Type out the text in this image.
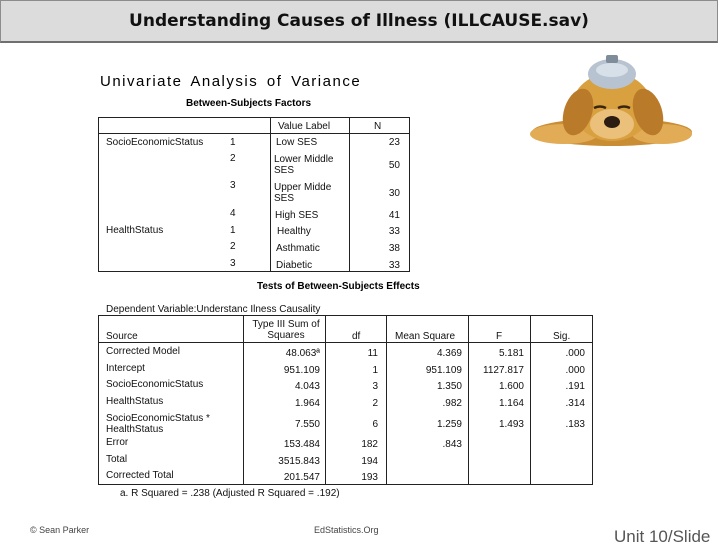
Understanding Causes of Illness (ILLCAUSE.sav)
Univariate Analysis of Variance
Between-Subjects Factors
Value Label	N
SocioEconomicStatus	1	Low SES	23
2	Lower Middle SES	50
3	Upper Midde SES	30
4	High SES	41
HealthStatus	1	Healthy	33
2	Asthmatic	38
3	Diabetic	33
Tests of Between-Subjects Effects
Dependent Variable:Understanc Ilness Causality
Source
Type III Sum of Squares	df	Mean Square	F	Sig.
Corrected Model	48.063ª	11	4.369	5.181	.000
Intercept	951.109	1	951.109	1127.817	.000
SocioEconomicStatus	4.043	3	1.350	1.600	.191
HealthStatus	1.964	2	.982	1.164	.314
SocioEconomicStatus * HealthStatus	7.550	6	1.259	1.493	.183
Error	153.484	182	.843
Total	3515.843	194
Corrected Total	201.547	193
a. R Squared = .238 (Adjusted R Squared = .192)
© Sean Parker	EdStatistics.Org	Unit 10/Slide
